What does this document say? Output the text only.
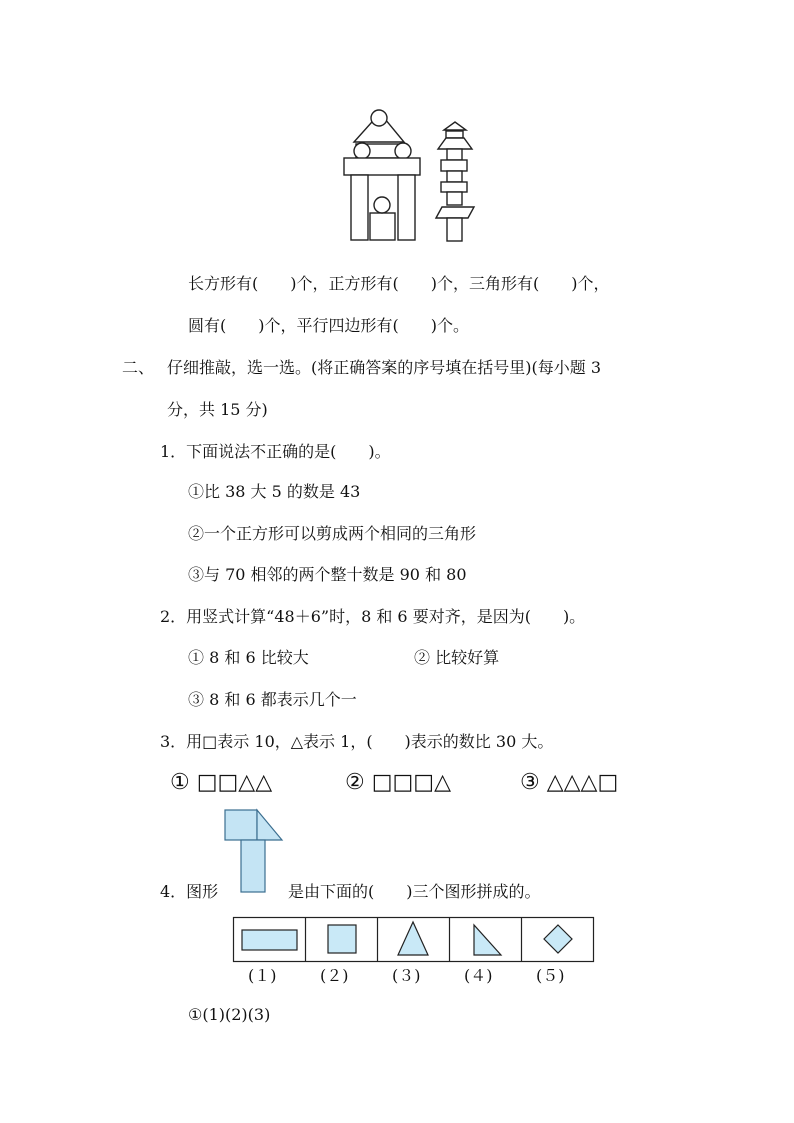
长方形有(　　)个，正方形有(　　)个，三角形有(　　)个，
圆有(　　)个，平行四边形有(　　)个。
二、 仔细推敲，选一选。(将正确答案的序号填在括号里)(每小题 3
分，共 15 分)
1．下面说法不正确的是(　　)。
①比 38 大 5 的数是 43
②一个正方形可以剪成两个相同的三角形
③与 70 相邻的两个整十数是 90 和 80
2．用竖式计算“48＋6”时，8 和 6 要对齐，是因为(　　)。
① 8 和 6 比较大	② 比较好算
③ 8 和 6 都表示几个一
3．用□表示 10，△表示 1，(　　)表示的数比 30 大。
① □□△△	② □□□△	③ △△△□
4．图形	是由下面的(　　)三个图形拼成的。
(１)	(２)	(３)	(４)	(５)
①(1)(2)(3)
